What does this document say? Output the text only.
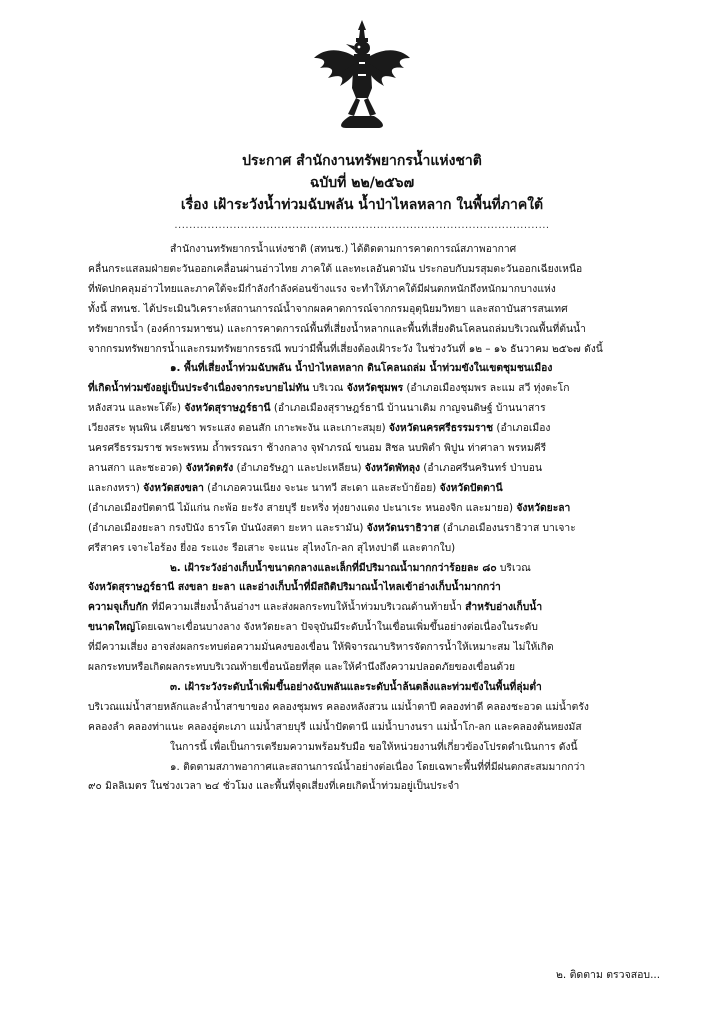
ประกาศ สำนักงานทรัพยากรน้ำแห่งชาติ

ฉบับที่ ๒๒/๒๕๖๗

เรื่อง เฝ้าระวังน้ำท่วมฉับพลัน น้ำป่าไหลหลาก ในพื้นที่ภาคใต้

......................................................................................................
สำนักงานทรัพยากรน้ำแห่งชาติ (สทนช.) ได้ติดตามการคาดการณ์สภาพอากาศ
คลื่นกระแสลมฝ่ายตะวันออกเคลื่อนผ่านอ่าวไทย ภาคใต้ และทะเลอันดามัน ประกอบกับมรสุมตะวันออกเฉียงเหนือ
ที่พัดปกคลุมอ่าวไทยและภาคใต้จะมีกำลังกำลังค่อนข้างแรง จะทำให้ภาคใต้มีฝนตกหนักถึงหนักมากบางแห่ง
ทั้งนี้ สทนช. ได้ประเมินวิเคราะห์สถานการณ์น้ำจากผลคาดการณ์จากกรมอุตุนิยมวิทยา และสถาบันสารสนเทศ
ทรัพยากรน้ำ (องค์การมหาชน) และการคาดการณ์พื้นที่เสี่ยงน้ำหลากและพื้นที่เสี่ยงดินโคลนถล่มบริเวณพื้นที่ต้นน้ำ
จากกรมทรัพยากรน้ำและกรมทรัพยากรธรณี พบว่ามีพื้นที่เสี่ยงต้องเฝ้าระวัง ในช่วงวันที่ ๑๒ – ๑๖ ธันวาคม ๒๕๖๗ ดังนี้
๑. พื้นที่เสี่ยงน้ำท่วมฉับพลัน น้ำป่าไหลหลาก ดินโคลนถล่ม น้ำท่วมขังในเขตชุมชนเมือง
ที่เกิดน้ำท่วมขังอยู่เป็นประจำเนื่องจากระบายไม่ทัน บริเวณ จังหวัดชุมพร (อำเภอเมืองชุมพร ละแม สวี ทุ่งตะโก
หลังสวน และพะโต๊ะ) จังหวัดสุราษฎร์ธานี (อำเภอเมืองสุราษฎร์ธานี บ้านนาเดิม กาญจนดิษฐ์ บ้านนาสาร
เวียงสระ พุนพิน เคียนซา พระแสง ดอนสัก เกาะพะงัน และเกาะสมุย) จังหวัดนครศรีธรรมราช (อำเภอเมือง
นครศรีธรรมราช พระพรหม ถ้ำพรรณรา ช้างกลาง จุฬาภรณ์ ขนอม สิชล นบพิตำ พิปูน ท่าศาลา พรหมคีรี
ลานสกา และชะอวด) จังหวัดตรัง (อำเภอรัษฎา และปะเหลียน) จังหวัดพัทลุง (อำเภอศรีนครินทร์ ป่าบอน
และกงหรา) จังหวัดสงขลา (อำเภอควนเนียง จะนะ นาทวี สะเดา และสะบ้าย้อย) จังหวัดปัตตานี
(อำเภอเมืองปัตตานี ไม้แก่น กะพ้อ ยะรัง สายบุรี ยะหริ่ง ทุ่งยางแดง ปะนาเระ หนองจิก และมายอ) จังหวัดยะลา
(อำเภอเมืองยะลา กรงปินัง ธารโต บันนังสตา ยะหา และรามัน) จังหวัดนราธิวาส (อำเภอเมืองนราธิวาส บาเจาะ
ศรีสาคร เจาะไอร้อง ยี่งอ ระแงะ รือเสาะ จะแนะ สุไหงโก-ลก สุไหงปาดี และตากใบ)
๒. เฝ้าระวังอ่างเก็บน้ำขนาดกลางและเล็กที่มีปริมาณน้ำมากกว่าร้อยละ ๘๐ บริเวณ
จังหวัดสุราษฎร์ธานี สงขลา ยะลา และอ่างเก็บน้ำที่มีสถิติปริมาณน้ำไหลเข้าอ่างเก็บน้ำมากกว่า
ความจุเก็บกัก ที่มีความเสี่ยงน้ำล้นอ่างฯ และส่งผลกระทบให้น้ำท่วมบริเวณด้านท้ายน้ำ สำหรับอ่างเก็บน้ำ
ขนาดใหญ่โดยเฉพาะเขื่อนบางลาง จังหวัดยะลา ปัจจุบันมีระดับน้ำในเขื่อนเพิ่มขึ้นอย่างต่อเนื่องในระดับ
ที่มีความเสี่ยง อาจส่งผลกระทบต่อความมั่นคงของเขื่อน ให้พิจารณาบริหารจัดการน้ำให้เหมาะสม ไม่ให้เกิด
ผลกระทบหรือเกิดผลกระทบบริเวณท้ายเขื่อนน้อยที่สุด และให้คำนึงถึงความปลอดภัยของเขื่อนด้วย
๓. เฝ้าระวังระดับน้ำเพิ่มขึ้นอย่างฉับพลันและระดับน้ำล้นตลิ่งและท่วมขังในพื้นที่ลุ่มต่ำ
บริเวณแม่น้ำสายหลักและลำน้ำสาขาของ คลองชุมพร คลองหลังสวน แม่น้ำตาปี คลองท่าดี คลองชะอวด แม่น้ำตรัง
คลองลำ คลองท่าแนะ คลองอู่ตะเภา แม่น้ำสายบุรี แม่น้ำปัตตานี แม่น้ำบางนรา แม่น้ำโก-ลก และคลองต้นหยงมัส
ในการนี้ เพื่อเป็นการเตรียมความพร้อมรับมือ ขอให้หน่วยงานที่เกี่ยวข้องโปรดดำเนินการ ดังนี้
๑. ติดตามสภาพอากาศและสถานการณ์น้ำอย่างต่อเนื่อง โดยเฉพาะพื้นที่ที่มีฝนตกสะสมมากกว่า
๙๐ มิลลิเมตร ในช่วงเวลา ๒๔ ชั่วโมง และพื้นที่จุดเสี่ยงที่เคยเกิดน้ำท่วมอยู่เป็นประจำ
๒. ติดตาม ตรวจสอบ...
